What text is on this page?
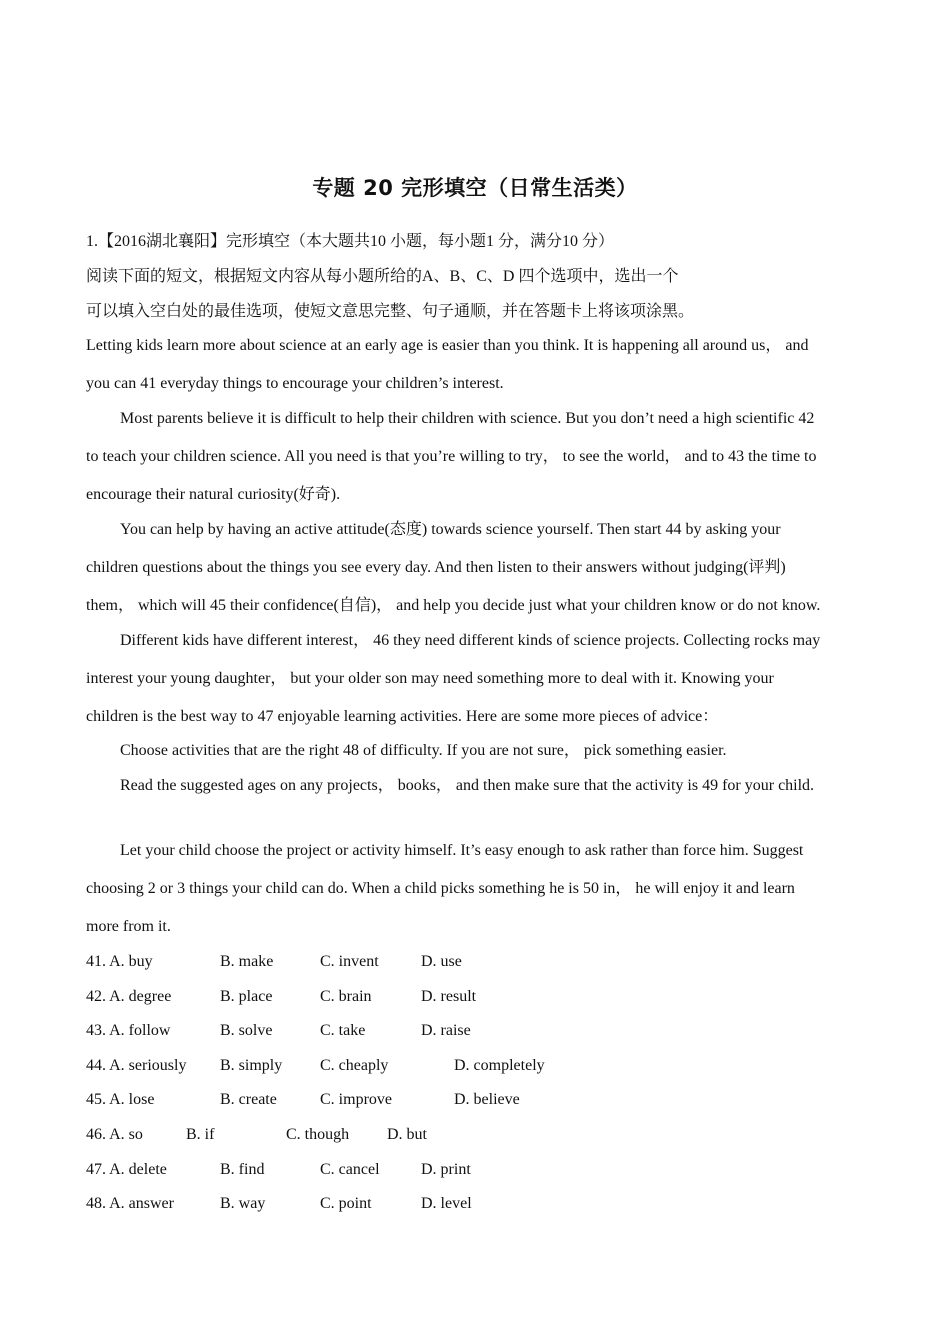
专题 20 完形填空（日常生活类）
1.【2016湖北襄阳】完形填空（本大题共10 小题，每小题1 分，满分10 分）
阅读下面的短文，根据短文内容从每小题所给的A、B、C、D 四个选项中，选出一个
可以填入空白处的最佳选项，使短文意思完整、句子通顺，并在答题卡上将该项涂黑。
Letting kids learn more about science at an early age is easier than you think. It is happening all around us， and
you can 41 everyday things to encourage your children’s interest.
Most parents believe it is difficult to help their children with science. But you don’t need a high scientific 42
to teach your children science. All you need is that you’re willing to try， to see the world， and to 43 the time to
encourage their natural curiosity(好奇).
You can help by having an active attitude(态度) towards science yourself. Then start 44 by asking your
children questions about the things you see every day. And then listen to their answers without judging(评判)
them， which will 45 their confidence(自信)， and help you decide just what your children know or do not know.
Different kids have different interest， 46 they need different kinds of science projects. Collecting rocks may
interest your young daughter， but your older son may need something more to deal with it. Knowing your
children is the best way to 47 enjoyable learning activities. Here are some more pieces of advice：
Choose activities that are the right 48 of difficulty. If you are not sure， pick something easier.
Read the suggested ages on any projects， books， and then make sure that the activity is 49 for your child.
Let your child choose the project or activity himself. It’s easy enough to ask rather than force him. Suggest
choosing 2 or 3 things your child can do. When a child picks something he is 50 in， he will enjoy it and learn
more from it.
41. A. buy	B. make	C. invent	D. use
42. A. degree	B. place	C. brain	D. result
43. A. follow	B. solve	C. take	D. raise
44. A. seriously B. simply C. cheaply	D. completely
45. A. lose	B. create	C. improve	D. believe
46. A. so	B. if	C. though D. but
47. A. delete	B. find	C. cancel	D. print
48. A. answer	B. way	C. point	D. level
